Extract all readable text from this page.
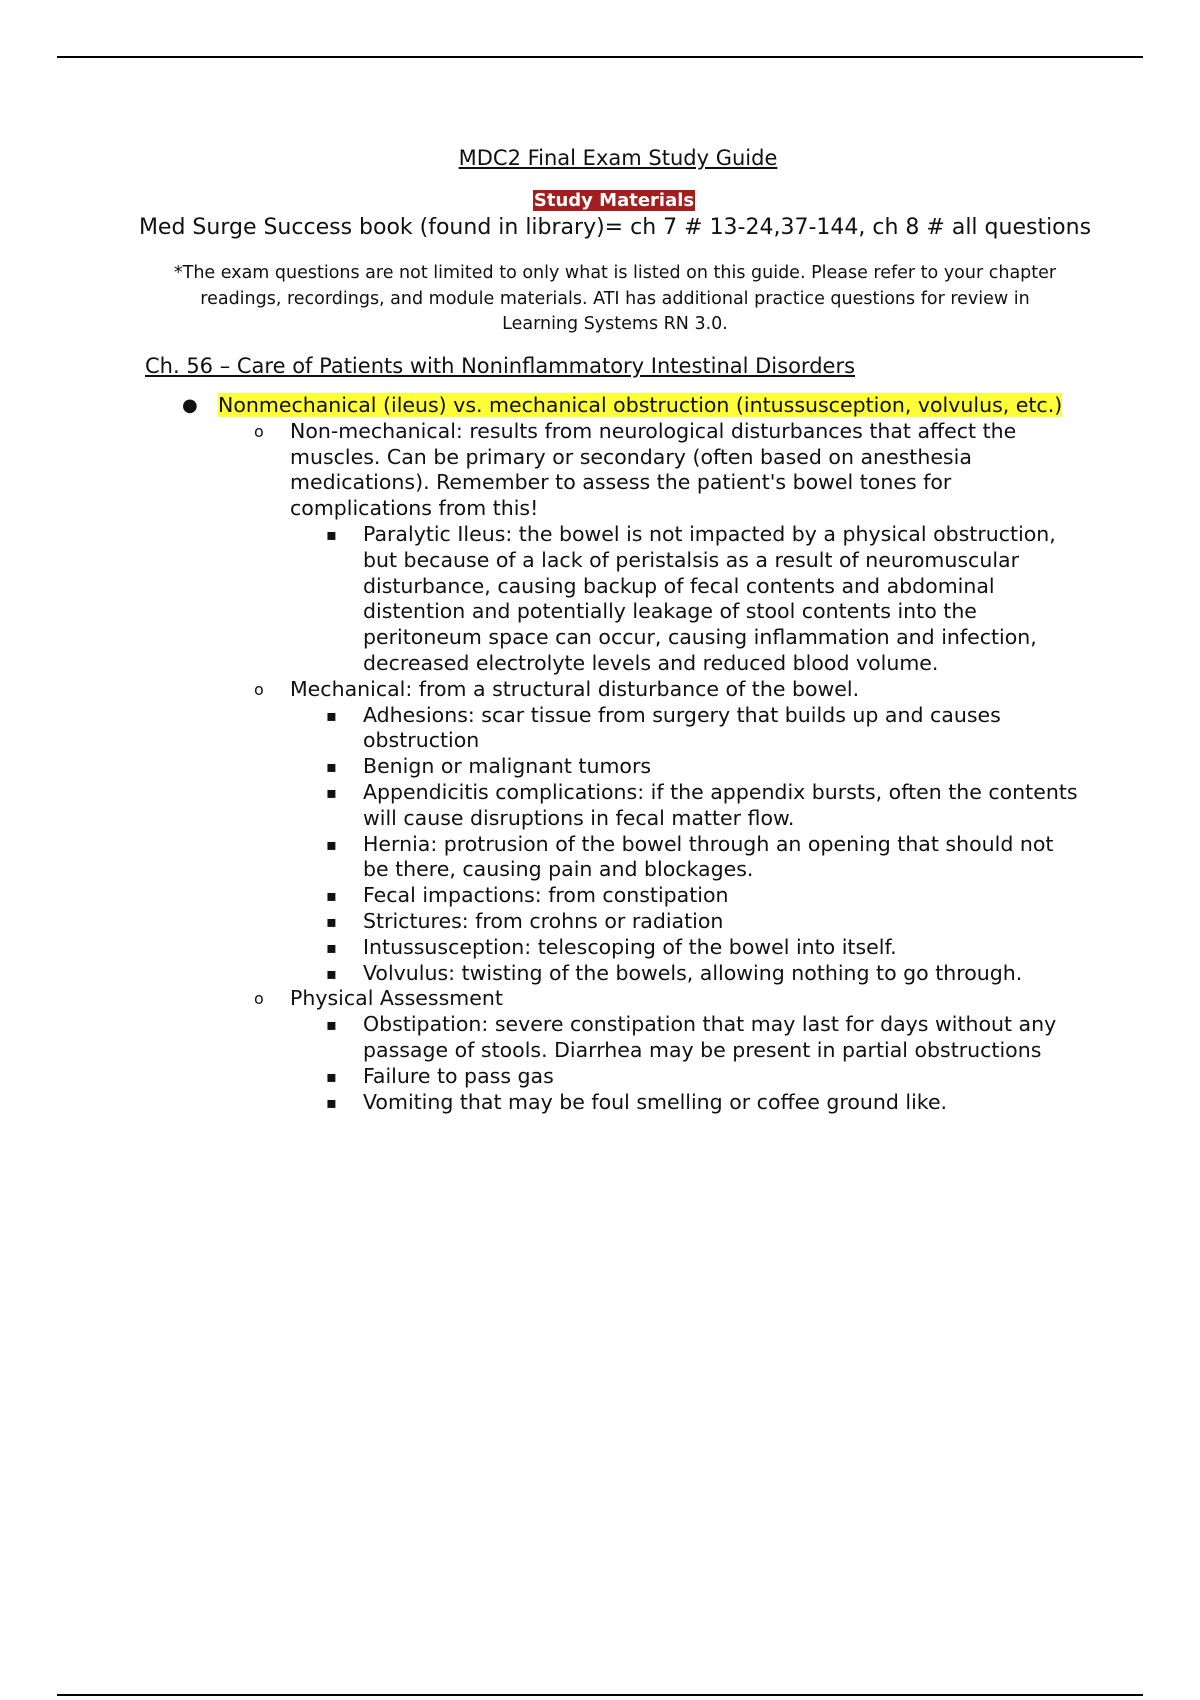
MDC2 Final Exam Study Guide
Study Materials
Med Surge Success book (found in library)= ch 7 # 13-24,37-144, ch 8 # all questions
*The exam questions are not limited to only what is listed on this guide. Please refer to your chapter readings, recordings, and module materials. ATI has additional practice questions for review in Learning Systems RN 3.0.
Ch. 56 – Care of Patients with Noninflammatory Intestinal Disorders
● Nonmechanical (ileus) vs. mechanical obstruction (intussusception, volvulus, etc.)
o Non-mechanical: results from neurological disturbances that affect the muscles. Can be primary or secondary (often based on anesthesia medications). Remember to assess the patient's bowel tones for complications from this!
▪ Paralytic Ileus: the bowel is not impacted by a physical obstruction, but because of a lack of peristalsis as a result of neuromuscular disturbance, causing backup of fecal contents and abdominal distention and potentially leakage of stool contents into the peritoneum space can occur, causing inflammation and infection, decreased electrolyte levels and reduced blood volume.
o Mechanical: from a structural disturbance of the bowel.
▪ Adhesions: scar tissue from surgery that builds up and causes obstruction
▪ Benign or malignant tumors
▪ Appendicitis complications: if the appendix bursts, often the contents will cause disruptions in fecal matter flow.
▪ Hernia: protrusion of the bowel through an opening that should not be there, causing pain and blockages.
▪ Fecal impactions: from constipation
▪ Strictures: from crohns or radiation
▪ Intussusception: telescoping of the bowel into itself.
▪ Volvulus: twisting of the bowels, allowing nothing to go through.
o Physical Assessment
▪ Obstipation: severe constipation that may last for days without any passage of stools. Diarrhea may be present in partial obstructions
▪ Failure to pass gas
▪ Vomiting that may be foul smelling or coffee ground like.
